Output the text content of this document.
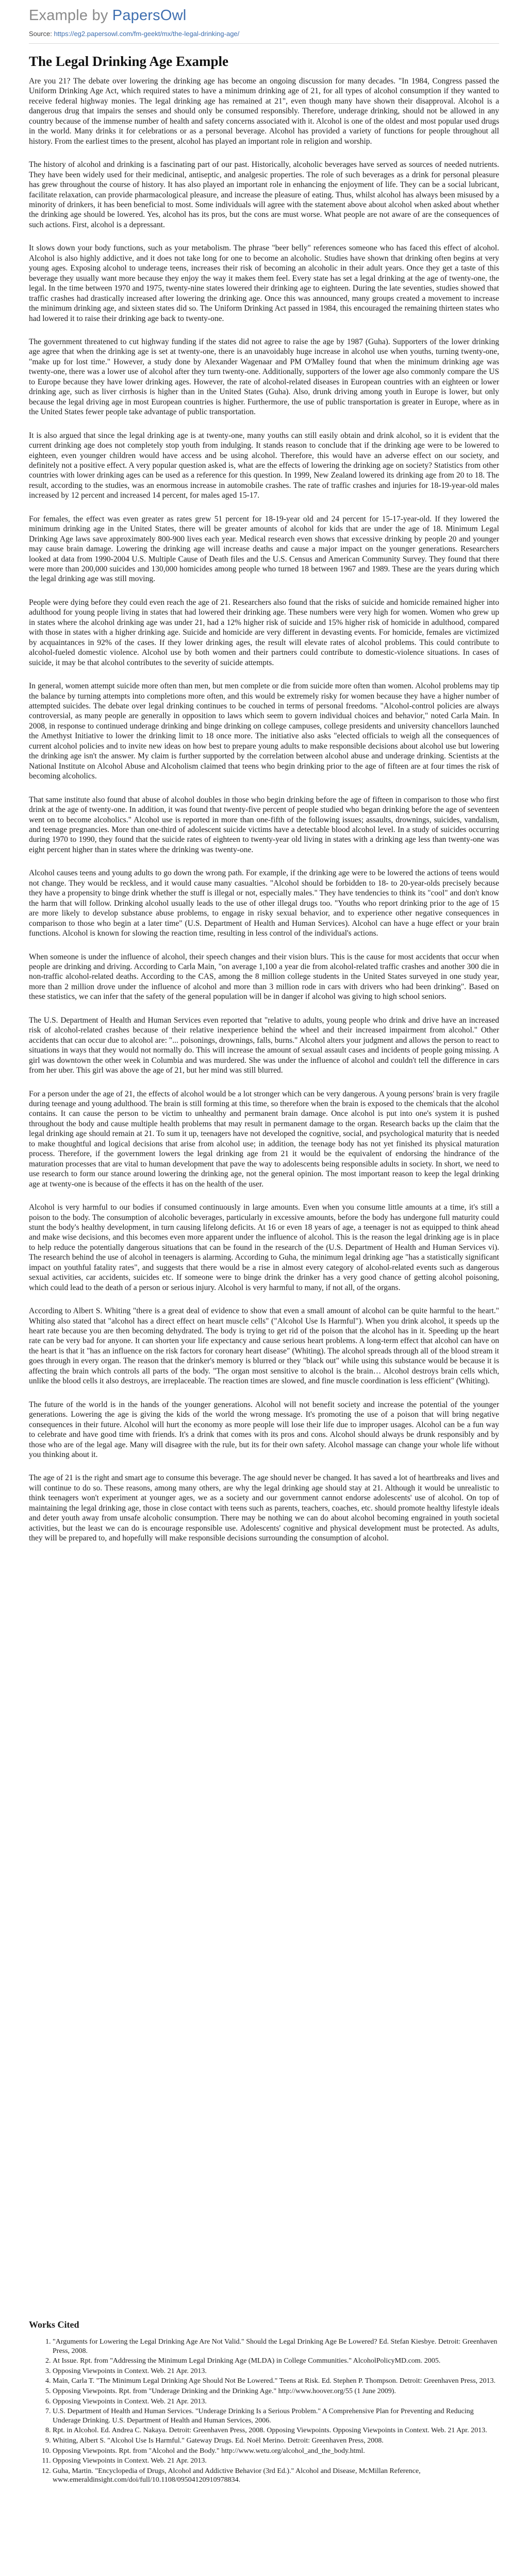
Example by PapersOwl
Source: https://eg2.papersowl.com/fm-geekt/mx/the-legal-drinking-age/
The Legal Drinking Age Example

Are you 21? The debate over lowering the drinking age has become an ongoing discussion for many decades. "In 1984, Congress passed the Uniform Drinking Age Act, which required states to have a minimum drinking age of 21, for all types of alcohol consumption if they wanted to receive federal highway monies. The legal drinking age has remained at 21", even though many have shown their disapproval. Alcohol is a dangerous drug that impairs the senses and should only be consumed responsibly. Therefore, underage drinking, should not be allowed in any country because of the immense number of health and safety concerns associated with it. Alcohol is one of the oldest and most popular used drugs in the world. Many drinks it for celebrations or as a personal beverage. Alcohol has provided a variety of functions for people throughout all history. From the earliest times to the present, alcohol has played an important role in religion and worship.

The history of alcohol and drinking is a fascinating part of our past. Historically, alcoholic beverages have served as sources of needed nutrients. They have been widely used for their medicinal, antiseptic, and analgesic properties. The role of such beverages as a drink for personal pleasure has grew throughout the course of history. It has also played an important role in enhancing the enjoyment of life. They can be a social lubricant, facilitate relaxation, can provide pharmacological pleasure, and increase the pleasure of eating. Thus, whilst alcohol has always been misused by a minority of drinkers, it has been beneficial to most. Some individuals will agree with the statement above about alcohol when asked about whether the drinking age should be lowered. Yes, alcohol has its pros, but the cons are must worse. What people are not aware of are the consequences of such actions. First, alcohol is a depressant.

It slows down your body functions, such as your metabolism. The phrase "beer belly" references someone who has faced this effect of alcohol. Alcohol is also highly addictive, and it does not take long for one to become an alcoholic. Studies have shown that drinking often begins at very young ages. Exposing alcohol to underage teens, increases their risk of becoming an alcoholic in their adult years. Once they get a taste of this beverage they usually want more because they enjoy the way it makes them feel. Every state has set a legal drinking at the age of twenty-one, the legal. In the time between 1970 and 1975, twenty-nine states lowered their drinking age to eighteen. During the late seventies, studies showed that traffic crashes had drastically increased after lowering the drinking age. Once this was announced, many groups created a movement to increase the minimum drinking age, and sixteen states did so. The Uniform Drinking Act passed in 1984, this encouraged the remaining thirteen states who had lowered it to raise their drinking age back to twenty-one.

The government threatened to cut highway funding if the states did not agree to raise the age by 1987 (Guha). Supporters of the lower drinking age agree that when the drinking age is set at twenty-one, there is an unavoidably huge increase in alcohol use when youths, turning twenty-one, "make up for lost time." However, a study done by Alexander Wagenaar and PM O'Malley found that when the minimum drinking age was twenty-one, there was a lower use of alcohol after they turn twenty-one. Additionally, supporters of the lower age also commonly compare the US to Europe because they have lower drinking ages. However, the rate of alcohol-related diseases in European countries with an eighteen or lower drinking age, such as liver cirrhosis is higher than in the United States (Guha). Also, drunk driving among youth in Europe is lower, but only because the legal driving age in most European countries is higher. Furthermore, the use of public transportation is greater in Europe, where as in the United States fewer people take advantage of public transportation.

It is also argued that since the legal drinking age is at twenty-one, many youths can still easily obtain and drink alcohol, so it is evident that the current drinking age does not completely stop youth from indulging. It stands reason to conclude that if the drinking age were to be lowered to eighteen, even younger children would have access and be using alcohol. Therefore, this would have an adverse effect on our society, and definitely not a positive effect. A very popular question asked is, what are the effects of lowering the drinking age on society? Statistics from other countries with lower drinking ages can be used as a reference for this question. In 1999, New Zealand lowered its drinking age from 20 to 18. The result, according to the studies, was an enormous increase in automobile crashes. The rate of traffic crashes and injuries for 18-19-year-old males increased by 12 percent and increased 14 percent, for males aged 15-17.

For females, the effect was even greater as rates grew 51 percent for 18-19-year old and 24 percent for 15-17-year-old. If they lowered the minimum drinking age in the United States, there will be greater amounts of alcohol for kids that are under the age of 18. Minimum Legal Drinking Age laws save approximately 800-900 lives each year. Medical research even shows that excessive drinking by people 20 and younger may cause brain damage. Lowering the drinking age will increase deaths and cause a major impact on the younger generations. Researchers looked at data from 1990-2004 U.S. Multiple Cause of Death files and the U.S. Census and American Community Survey. They found that there were more than 200,000 suicides and 130,000 homicides among people who turned 18 between 1967 and 1989. These are the years during which the legal drinking age was still moving.

People were dying before they could even reach the age of 21. Researchers also found that the risks of suicide and homicide remained higher into adulthood for young people living in states that had lowered their drinking age. These numbers were very high for women. Women who grew up in states where the alcohol drinking age was under 21, had a 12% higher risk of suicide and 15% higher risk of homicide in adulthood, compared with those in states with a higher drinking age. Suicide and homicide are very different in devasting events. For homicide, females are victimized by acquaintances in 92% of the cases. If they lower drinking ages, the result will elevate rates of alcohol problems. This could contribute to alcohol-fueled domestic violence. Alcohol use by both women and their partners could contribute to domestic-violence situations. In cases of suicide, it may be that alcohol contributes to the severity of suicide attempts.

In general, women attempt suicide more often than men, but men complete or die from suicide more often than women. Alcohol problems may tip the balance by turning attempts into completions more often, and this would be extremely risky for women because they have a higher number of attempted suicides. The debate over legal drinking continues to be couched in terms of personal freedoms. "Alcohol-control policies are always controversial, as many people are generally in opposition to laws which seem to govern individual choices and behavior," noted Carla Main. In 2008, in response to continued underage drinking and binge drinking on college campuses, college presidents and university chancellors launched the Amethyst Initiative to lower the drinking limit to 18 once more. The initiative also asks "elected officials to weigh all the consequences of current alcohol policies and to invite new ideas on how best to prepare young adults to make responsible decisions about alcohol use but lowering the drinking age isn't the answer. My claim is further supported by the correlation between alcohol abuse and underage drinking. Scientists at the National Institute on Alcohol Abuse and Alcoholism claimed that teens who begin drinking prior to the age of fifteen are at four times the risk of becoming alcoholics.

That same institute also found that abuse of alcohol doubles in those who begin drinking before the age of fifteen in comparison to those who first drink at the age of twenty-one. In addition, it was found that twenty-five percent of people studied who began drinking before the age of seventeen went on to become alcoholics." Alcohol use is reported in more than one-fifth of the following issues; assaults, drownings, suicides, vandalism, and teenage pregnancies. More than one-third of adolescent suicide victims have a detectable blood alcohol level. In a study of suicides occurring during 1970 to 1990, they found that the suicide rates of eighteen to twenty-year old living in states with a drinking age less than twenty-one was eight percent higher than in states where the drinking was twenty-one.

Alcohol causes teens and young adults to go down the wrong path. For example, if the drinking age were to be lowered the actions of teens would not change. They would be reckless, and it would cause many casualties. "Alcohol should be forbidden to 18- to 20-year-olds precisely because they have a propensity to binge drink whether the stuff is illegal or not, especially males." They have tendencies to think its "cool" and don't know the harm that will follow. Drinking alcohol usually leads to the use of other illegal drugs too. "Youths who report drinking prior to the age of 15 are more likely to develop substance abuse problems, to engage in risky sexual behavior, and to experience other negative consequences in comparison to those who begin at a later time" (U.S. Department of Health and Human Services). Alcohol can have a huge effect or your brain functions. Alcohol is known for slowing the reaction time, resulting in less control of the individual's actions.

When someone is under the influence of alcohol, their speech changes and their vision blurs. This is the cause for most accidents that occur when people are drinking and driving. According to Carla Main, "on average 1,100 a year die from alcohol-related traffic crashes and another 300 die in non-traffic alcohol-related deaths. According to the CAS, among the 8 million college students in the United States surveyed in one study year, more than 2 million drove under the influence of alcohol and more than 3 million rode in cars with drivers who had been drinking". Based on these statistics, we can infer that the safety of the general population will be in danger if alcohol was giving to high school seniors.

The U.S. Department of Health and Human Services even reported that "relative to adults, young people who drink and drive have an increased risk of alcohol-related crashes because of their relative inexperience behind the wheel and their increased impairment from alcohol." Other accidents that can occur due to alcohol are: "... poisonings, drownings, falls, burns." Alcohol alters your judgment and allows the person to react to situations in ways that they would not normally do. This will increase the amount of sexual assault cases and incidents of people going missing. A girl was downtown the other week in Columbia and was murdered. She was under the influence of alcohol and couldn't tell the difference in cars from her uber. This girl was above the age of 21, but her mind was still blurred.

For a person under the age of 21, the effects of alcohol would be a lot stronger which can be very dangerous. A young persons' brain is very fragile during teenage and young adulthood. The brain is still forming at this time, so therefore when the brain is exposed to the chemicals that the alcohol contains. It can cause the person to be victim to unhealthy and permanent brain damage. Once alcohol is put into one's system it is pushed throughout the body and cause multiple health problems that may result in permanent damage to the organ. Research backs up the claim that the legal drinking age should remain at 21. To sum it up, teenagers have not developed the cognitive, social, and psychological maturity that is needed to make thoughtful and logical decisions that arise from alcohol use; in addition, the teenage body has not yet finished its physical maturation process. Therefore, if the government lowers the legal drinking age from 21 it would be the equivalent of endorsing the hindrance of the maturation processes that are vital to human development that pave the way to adolescents being responsible adults in society. In short, we need to use research to form our stance around lowering the drinking age, not the general opinion. The most important reason to keep the legal drinking age at twenty-one is because of the effects it has on the health of the user.

Alcohol is very harmful to our bodies if consumed continuously in large amounts. Even when you consume little amounts at a time, it's still a poison to the body. The consumption of alcoholic beverages, particularly in excessive amounts, before the body has undergone full maturity could stunt the body's healthy development, in turn causing lifelong deficits. At 16 or even 18 years of age, a teenager is not as equipped to think ahead and make wise decisions, and this becomes even more apparent under the influence of alcohol. This is the reason the legal drinking age is in place to help reduce the potentially dangerous situations that can be found in the research of the (U.S. Department of Health and Human Services vi). The research behind the use of alcohol in teenagers is alarming. According to Guha, the minimum legal drinking age "has a statistically significant impact on youthful fatality rates", and suggests that there would be a rise in almost every category of alcohol-related events such as dangerous sexual activities, car accidents, suicides etc. If someone were to binge drink the drinker has a very good chance of getting alcohol poisoning, which could lead to the death of a person or serious injury. Alcohol is very harmful to many, if not all, of the organs.

According to Albert S. Whiting "there is a great deal of evidence to show that even a small amount of alcohol can be quite harmful to the heart." Whiting also stated that "alcohol has a direct effect on heart muscle cells" ("Alcohol Use Is Harmful"). When you drink alcohol, it speeds up the heart rate because you are then becoming dehydrated. The body is trying to get rid of the poison that the alcohol has in it. Speeding up the heart rate can be very bad for anyone. It can shorten your life expectancy and cause serious heart problems. A long-term effect that alcohol can have on the heart is that it "has an influence on the risk factors for coronary heart disease" (Whiting). The alcohol spreads through all of the blood stream it goes through in every organ. The reason that the drinker's memory is blurred or they "black out" while using this substance would be because it is affecting the brain which controls all parts of the body. "The organ most sensitive to alcohol is the brain… Alcohol destroys brain cells which, unlike the blood cells it also destroys, are irreplaceable. The reaction times are slowed, and fine muscle coordination is less efficient" (Whiting).

The future of the world is in the hands of the younger generations. Alcohol will not benefit society and increase the potential of the younger generations. Lowering the age is giving the kids of the world the wrong message. It's promoting the use of a poison that will bring negative consequences in their future. Alcohol will hurt the economy as more people will lose their life due to improper usages. Alcohol can be a fun way to celebrate and have good time with friends. It's a drink that comes with its pros and cons. Alcohol should always be drunk responsibly and by those who are of the legal age. Many will disagree with the rule, but its for their own safety. Alcohol massage can change your whole life without you thinking about it.

The age of 21 is the right and smart age to consume this beverage. The age should never be changed. It has saved a lot of heartbreaks and lives and will continue to do so. These reasons, among many others, are why the legal drinking age should stay at 21. Although it would be unrealistic to think teenagers won't experiment at younger ages, we as a society and our government cannot endorse adolescents' use of alcohol. On top of maintaining the legal drinking age, those in close contact with teens such as parents, teachers, coaches, etc. should promote healthy lifestyle ideals and deter youth away from unsafe alcoholic consumption. There may be nothing we can do about alcohol becoming engrained in youth societal activities, but the least we can do is encourage responsible use. Adolescents' cognitive and physical development must be protected. As adults, they will be prepared to, and hopefully will make responsible decisions surrounding the consumption of alcohol.

Works Cited
1. "Arguments for Lowering the Legal Drinking Age Are Not Valid." Should the Legal Drinking Age Be Lowered? Ed. Stefan Kiesbye. Detroit: Greenhaven Press, 2008.
2. At Issue. Rpt. from "Addressing the Minimum Legal Drinking Age (MLDA) in College Communities." AlcoholPolicyMD.com. 2005.
3. Opposing Viewpoints in Context. Web. 21 Apr. 2013.
4. Main, Carla T. "The Minimum Legal Drinking Age Should Not Be Lowered." Teens at Risk. Ed. Stephen P. Thompson. Detroit: Greenhaven Press, 2013.
5. Opposing Viewpoints. Rpt. from "Underage Drinking and the Drinking Age." http://www.hoover.org/55 (1 June 2009).
6. Opposing Viewpoints in Context. Web. 21 Apr. 2013.
7. U.S. Department of Health and Human Services. "Underage Drinking Is a Serious Problem." A Comprehensive Plan for Preventing and Reducing Underage Drinking. U.S. Department of Health and Human Services, 2006.
8. Rpt. in Alcohol. Ed. Andrea C. Nakaya. Detroit: Greenhaven Press, 2008. Opposing Viewpoints. Opposing Viewpoints in Context. Web. 21 Apr. 2013.
9. Whiting, Albert S. "Alcohol Use Is Harmful." Gateway Drugs. Ed. Noël Merino. Detroit: Greenhaven Press, 2008.
10. Opposing Viewpoints. Rpt. from "Alcohol and the Body." http://www.wetu.org/alcohol_and_the_body.html.
11. Opposing Viewpoints in Context. Web. 21 Apr. 2013.
12. Guha, Martin. "Encyclopedia of Drugs, Alcohol and Addictive Behavior (3rd Ed.)." Alcohol and Disease, McMillan Reference, www.emeraldinsight.com/doi/full/10.1108/09504120910978834.
